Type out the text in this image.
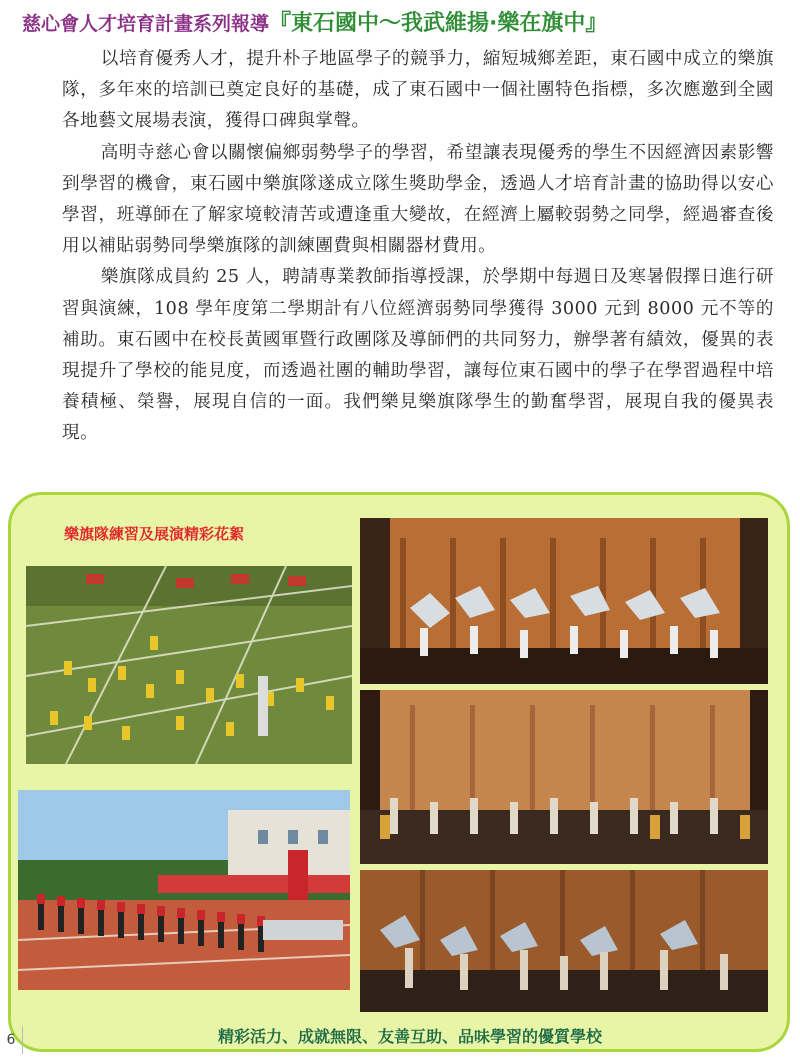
慈心會人才培育計畫系列報導『東石國中～我武維揚·樂在旗中』

以培育優秀人才，提升朴子地區學子的競爭力，縮短城鄉差距，東石國中成立的樂旗隊，多年來的培訓已奠定良好的基礎，成了東石國中一個社團特色指標，多次應邀到全國各地藝文展場表演，獲得口碑與掌聲。

高明寺慈心會以關懷偏鄉弱勢學子的學習，希望讓表現優秀的學生不因經濟因素影響到學習的機會，東石國中樂旗隊遂成立隊生獎助學金，透過人才培育計畫的協助得以安心學習，班導師在了解家境較清苦或遭逢重大變故，在經濟上屬較弱勢之同學，經過審查後用以補貼弱勢同學樂旗隊的訓練團費與相關器材費用。

樂旗隊成員約 25 人，聘請專業教師指導授課，於學期中每週日及寒暑假擇日進行研習與演練，108 學年度第二學期計有八位經濟弱勢同學獲得 3000 元到 8000 元不等的補助。東石國中在校長黃國軍暨行政團隊及導師們的共同努力，辦學著有績效，優異的表現提升了學校的能見度，而透過社團的輔助學習，讓每位東石國中的學子在學習過程中培養積極、榮譽，展現自信的一面。我們樂見樂旗隊學生的勤奮學習，展現自我的優異表現。

樂旗隊練習及展演精彩花絮
精彩活力、成就無限、友善互助、品味學習的優質學校
6
